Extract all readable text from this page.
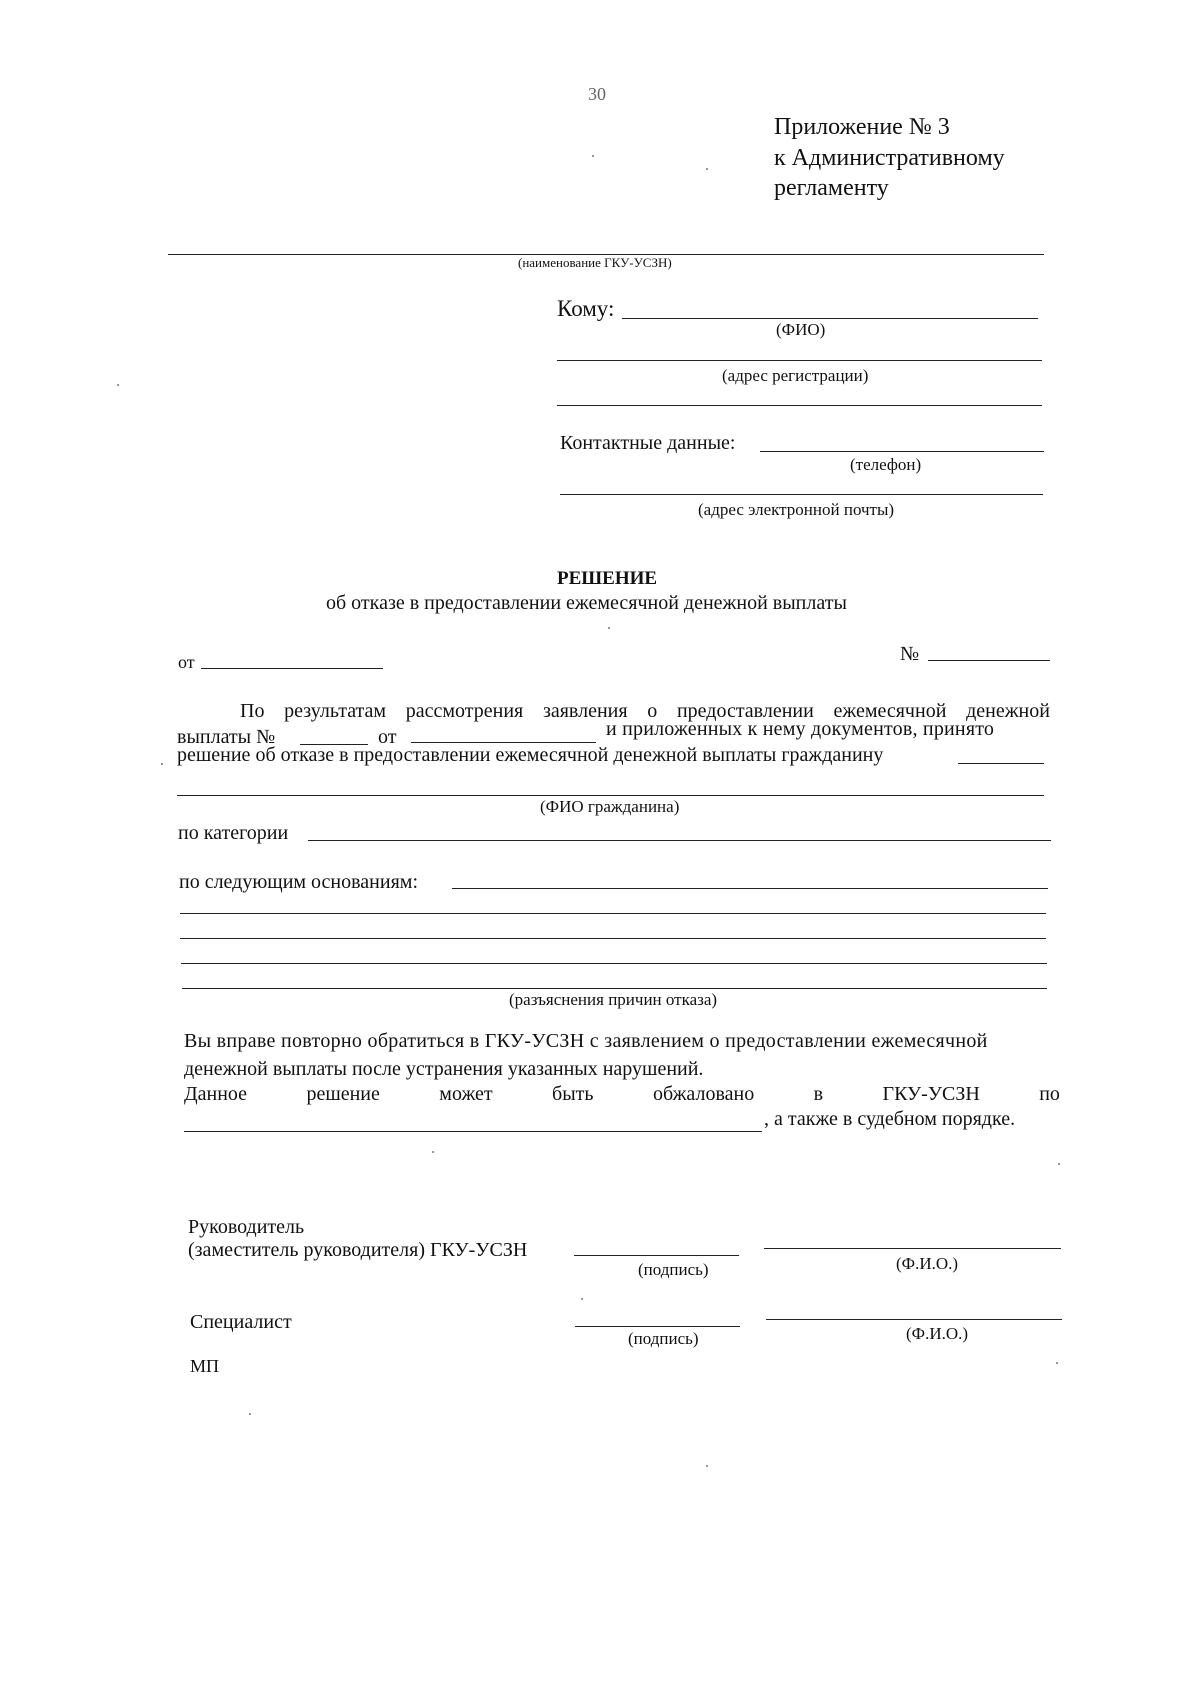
30
Приложение № 3
к Административному
регламенту
(наименование ГКУ-УСЗН)
Кому:
(ФИО)
(адрес регистрации)
Контактные данные:
(телефон)
(адрес электронной почты)
РЕШЕНИЕ
об отказе в предоставлении ежемесячной денежной выплаты
от	№
По результатам рассмотрения заявления о предоставлении ежемесячной денежной
выплаты №	от	и приложенных к нему документов, принято
решение об отказе в предоставлении ежемесячной денежной выплаты гражданину
(ФИО гражданина)
по категории
по следующим основаниям:
(разъяснения причин отказа)
Вы вправе повторно обратиться в ГКУ-УСЗН с заявлением о предоставлении ежемесячной
денежной выплаты после устранения указанных нарушений.
Данное	решение	может	быть	обжаловано	в	ГКУ-УСЗН	по
, а также в судебном порядке.
Руководитель
(заместитель руководителя) ГКУ-УСЗН
(подпись)	(Ф.И.О.)
Специалист
(подпись)	(Ф.И.О.)
МП
